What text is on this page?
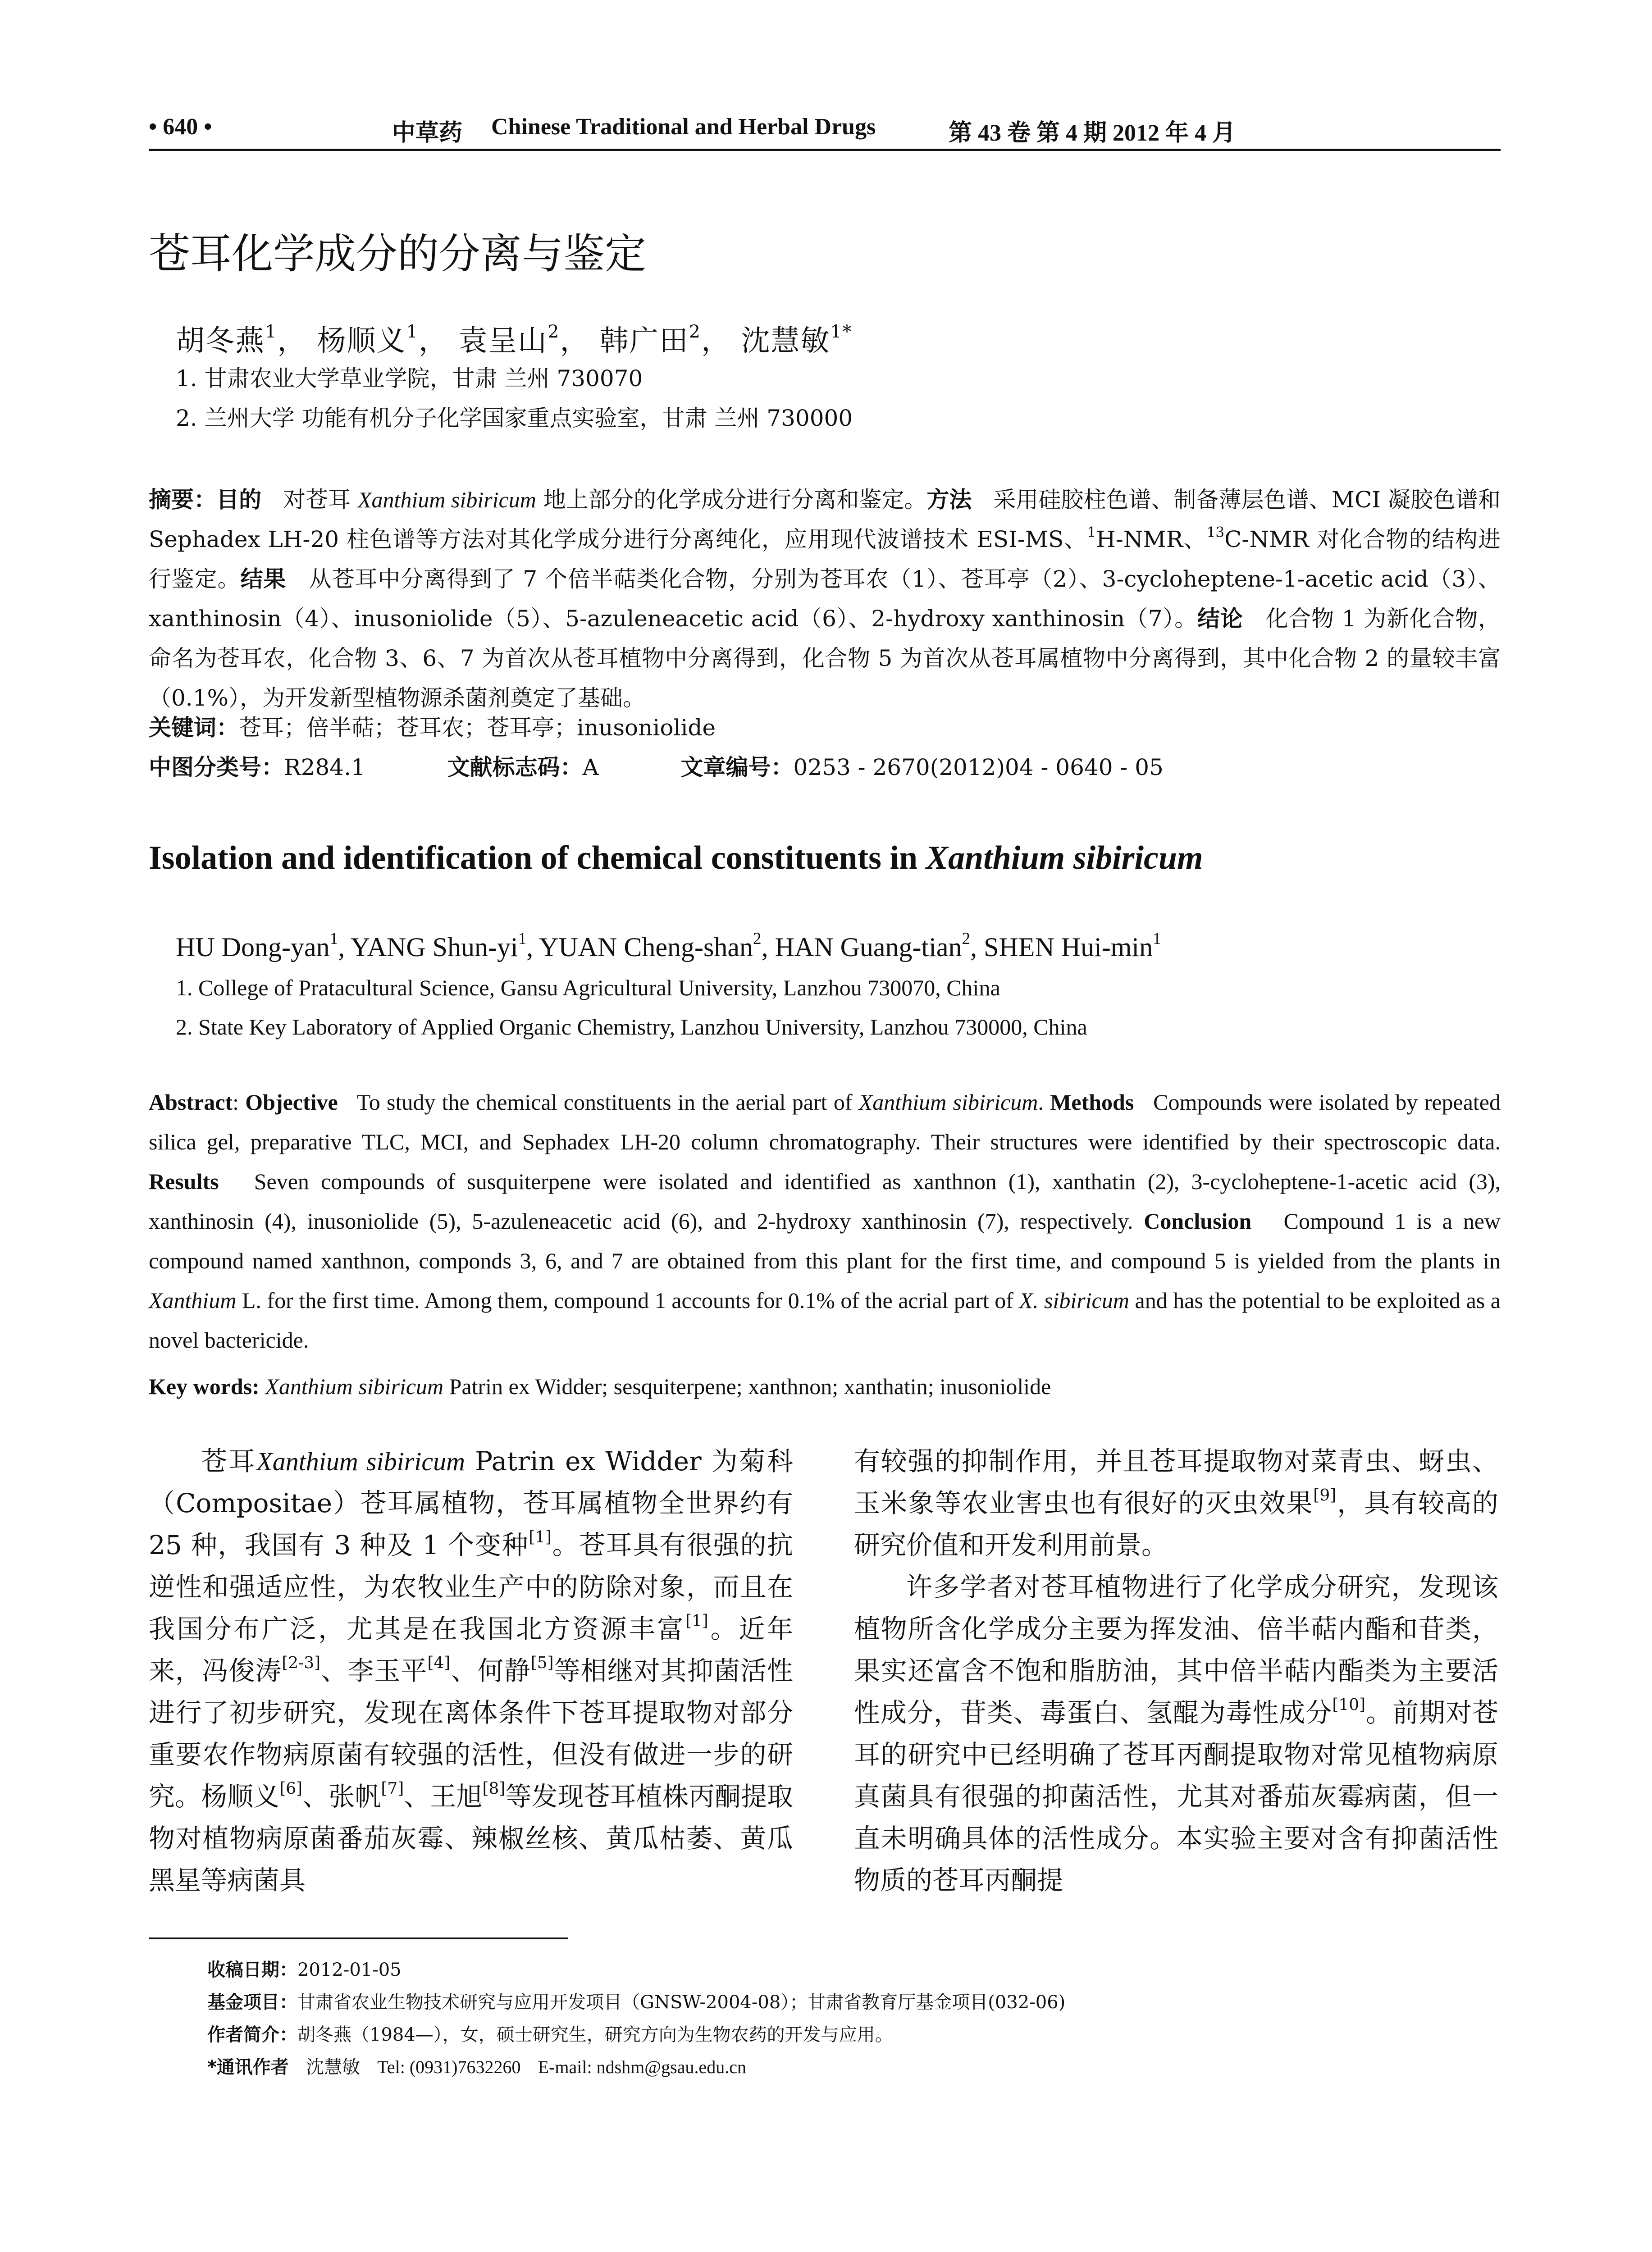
• 640 •	中草药 Chinese Traditional and Herbal Drugs	第 43 卷 第 4 期 2012 年 4 月
苍耳化学成分的分离与鉴定
胡冬燕$^1$， 杨顺义$^1$， 袁呈山$^2$， 韩广田$^2$， 沈慧敏$^{1*}$
1. 甘肃农业大学草业学院，甘肃 兰州 730070
2. 兰州大学 功能有机分子化学国家重点实验室，甘肃 兰州 730000
摘要：目的 对苍耳 Xanthium sibiricum 地上部分的化学成分进行分离和鉴定。方法 采用硅胶柱色谱、制备薄层色谱、MCI 凝胶色谱和 Sephadex LH-20 柱色谱等方法对其化学成分进行分离纯化，应用现代波谱技术 ESI-MS、$^1$H-NMR、$^{13}$C-NMR 对化合物的结构进行鉴定。结果 从苍耳中分离得到了 7 个倍半萜类化合物，分别为苍耳农（1）、苍耳亭（2）、3-cycloheptene-1-acetic acid（3）、xanthinosin（4）、inusoniolide（5）、5-azuleneacetic acid（6）、2-hydroxy xanthinosin（7）。结论 化合物 1 为新化合物，命名为苍耳农，化合物 3、6、7 为首次从苍耳植物中分离得到，化合物 5 为首次从苍耳属植物中分离得到，其中化合物 2 的量较丰富（0.1%），为开发新型植物源杀菌剂奠定了基础。
关键词：苍耳；倍半萜；苍耳农；苍耳亭；inusoniolide
中图分类号：R284.1	文献标志码：A	文章编号：0253 - 2670(2012)04 - 0640 - 05
Isolation and identification of chemical constituents in Xanthium sibiricum
HU Dong-yan$^1$, YANG Shun-$yi^1$, YUAN Cheng-shan$^2$, HAN Guang-tian$^2$, SHEN Hui-$\min^1$
1. College of Pratacultural Science, Gansu Agricultural University, Lanzhou 730070, China
2. State Key Laboratory of Applied Organic Chemistry, Lanzhou University, Lanzhou 730000, China
Abstract: Objective To study the chemical constituents in the aerial part of Xanthium sibiricum. Methods Compounds were isolated by repeated silica gel, preparative TLC, MCI, and Sephadex LH-20 column chromatography. Their structures were identified by their spectroscopic data. Results Seven compounds of susquiterpene were isolated and identified as xanthnon (1), xanthatin (2), 3-cycloheptene-1-acetic acid (3), xanthinosin (4), inusoniolide (5), 5-azuleneacetic acid (6), and 2-hydroxy xanthinosin (7), respectively. Conclusion Compound 1 is a new compound named xanthnon, componds 3, 6, and 7 are obtained from this plant for the first time, and compound 5 is yielded from the plants in Xanthium L. for the first time. Among them, compound 1 accounts for 0.1% of the acrial part of X. sibiricum and has the potential to be exploited as a novel bactericide.
Key words: Xanthium sibiricum Patrin ex Widder; sesquiterpene; xanthnon; xanthatin; inusoniolide

苍耳Xanthium sibiricum Patrin ex Widder 为菊科（Compositae）苍耳属植物，苍耳属植物全世界约有 25 种，我国有 3 种及 1 个变种[1]。苍耳具有很强的抗逆性和强适应性，为农牧业生产中的防除对象，而且在我国分布广泛，尤其是在我国北方资源丰富[1]。近年来，冯俊涛[2-3]、李玉平[4]、何静[5]等相继对其抑菌活性进行了初步研究，发现在离体条件下苍耳提取物对部分重要农作物病原菌有较强的活性，但没有做进一步的研究。杨顺义[6]、张帆[7]、王旭[8]等发现苍耳植株丙酮提取物对植物病原菌番茄灰霉、辣椒丝核、黄瓜枯萎、黄瓜黑星等病菌具

有较强的抑制作用，并且苍耳提取物对菜青虫、蚜虫、玉米象等农业害虫也有很好的灭虫效果[9]，具有较高的研究价值和开发利用前景。

许多学者对苍耳植物进行了化学成分研究，发现该植物所含化学成分主要为挥发油、倍半萜内酯和苷类，果实还富含不饱和脂肪油，其中倍半萜内酯类为主要活性成分，苷类、毒蛋白、氢醌为毒性成分[10]。前期对苍耳的研究中已经明确了苍耳丙酮提取物对常见植物病原真菌具有很强的抑菌活性，尤其对番茄灰霉病菌，但一直未明确具体的活性成分。本实验主要对含有抑菌活性物质的苍耳丙酮提

收稿日期：2012-01-05
基金项目：甘肃省农业生物技术研究与应用开发项目（GNSW-2004-08）；甘肃省教育厅基金项目(032-06)
作者简介：胡冬燕（1984—），女，硕士研究生，研究方向为生物农药的开发与应用。
*通讯作者 沈慧敏 Tel: (0931)7632260 E-mail: ndshm@gsau.edu.cn
